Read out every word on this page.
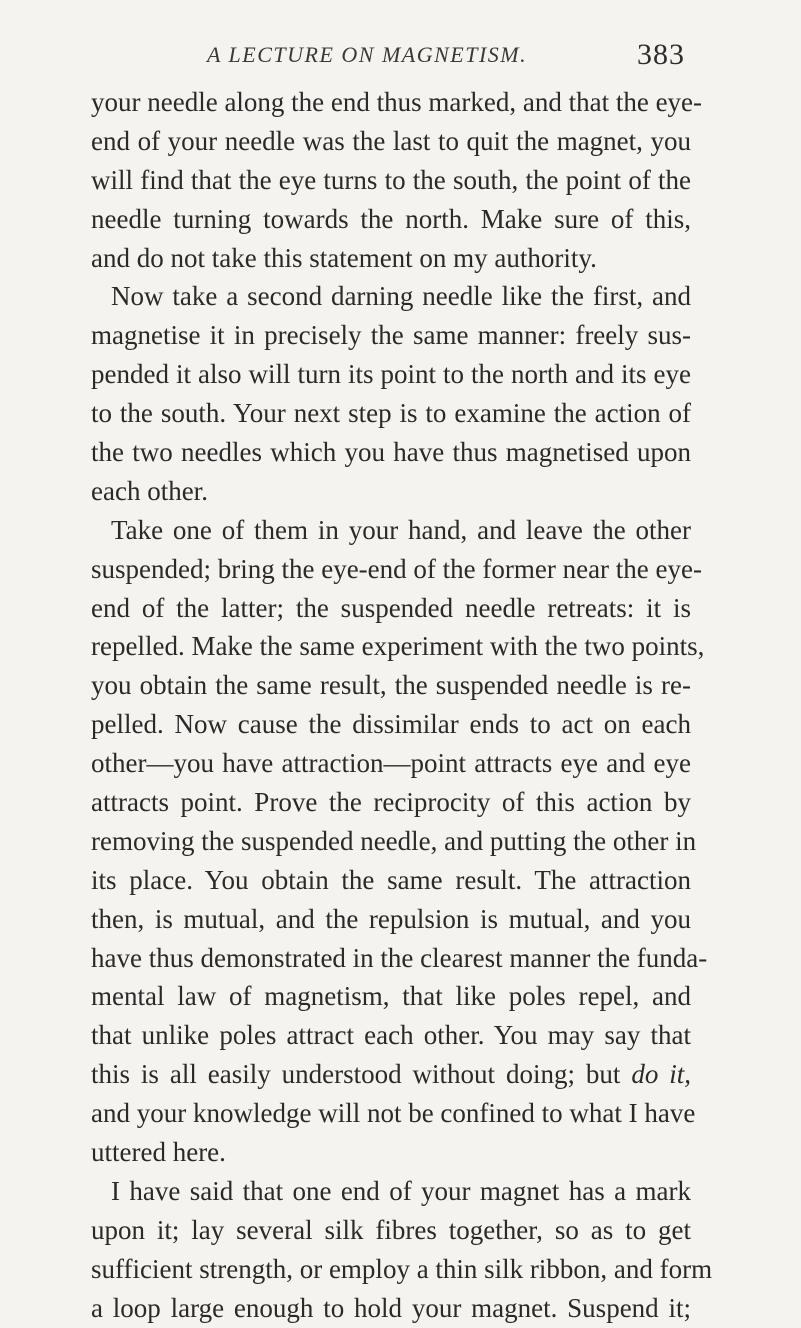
A LECTURE ON MAGNETISM.	383
your needle along the end thus marked, and that the eye-
end of your needle was the last to quit the magnet, you
will find that the eye turns to the south, the point of the
needle turning towards the north. Make sure of this,
and do not take this statement on my authority.
Now take a second darning needle like the first, and
magnetise it in precisely the same manner: freely sus-
pended it also will turn its point to the north and its eye
to the south. Your next step is to examine the action of
the two needles which you have thus magnetised upon
each other.
Take one of them in your hand, and leave the other
suspended; bring the eye-end of the former near the eye-
end of the latter; the suspended needle retreats: it is
repelled. Make the same experiment with the two points,
you obtain the same result, the suspended needle is re-
pelled. Now cause the dissimilar ends to act on each
other—you have attraction—point attracts eye and eye
attracts point. Prove the reciprocity of this action by
removing the suspended needle, and putting the other in
its place. You obtain the same result. The attraction
then, is mutual, and the repulsion is mutual, and you
have thus demonstrated in the clearest manner the funda-
mental law of magnetism, that like poles repel, and
that unlike poles attract each other. You may say that
this is all easily understood without doing; but do it,
and your knowledge will not be confined to what I have
uttered here.
I have said that one end of your magnet has a mark
upon it; lay several silk fibres together, so as to get
sufficient strength, or employ a thin silk ribbon, and form
a loop large enough to hold your magnet. Suspend it;
